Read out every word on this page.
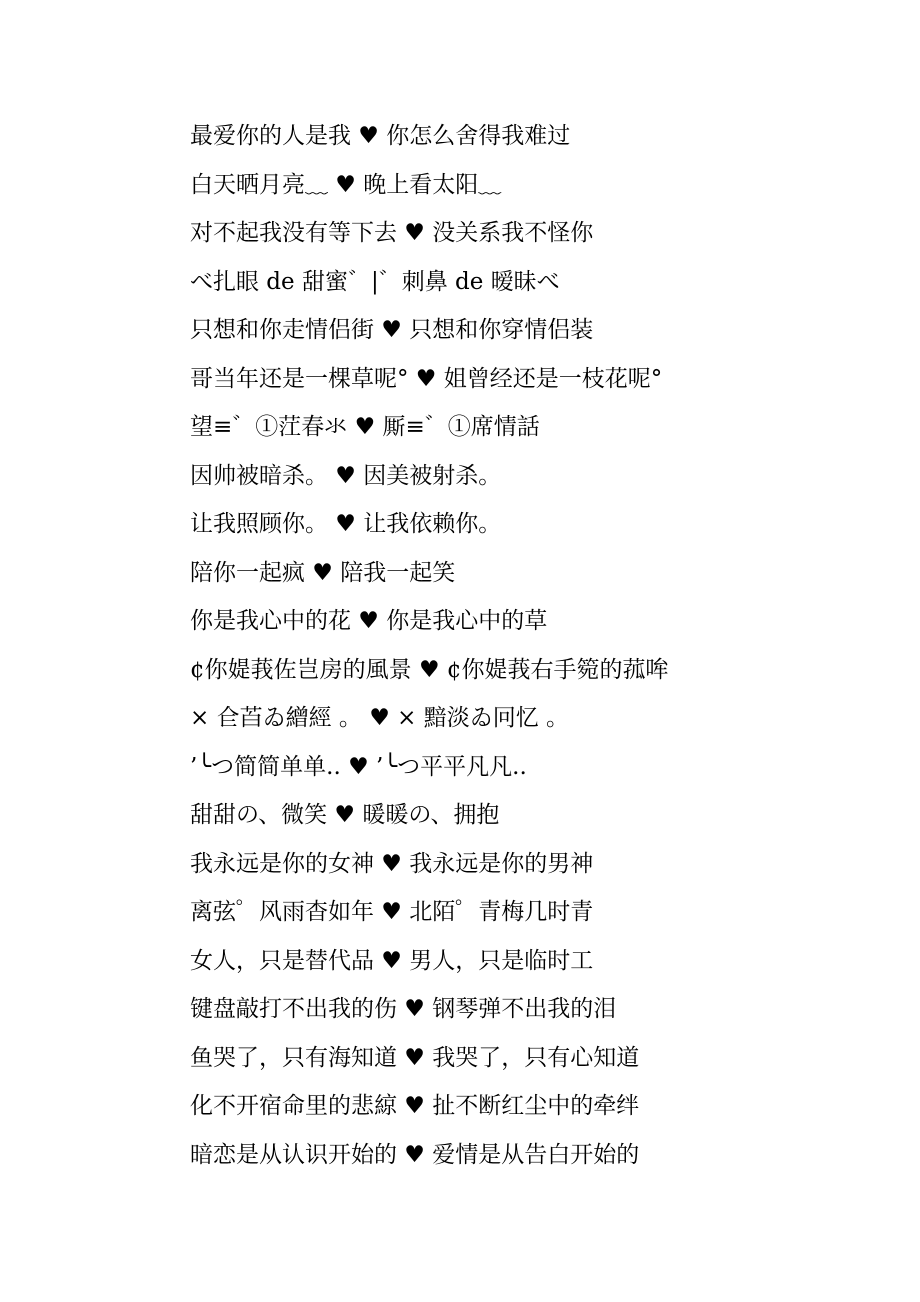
最爱你的人是我 ♥ 你怎么舍得我难过
白天晒月亮﹏ ♥ 晚上看太阳﹏
对不起我没有等下去 ♥ 没关系我不怪你
べ扎眼 de 甜蜜゛|゛刺鼻 de 暧昧べ
只想和你走情侣街 ♥ 只想和你穿情侣装
哥当年还是一棵草呢° ♥ 姐曾经还是一枝花呢°
望≡゛①茳春氺 ♥ 厮≡゛①席情話
因帅被暗杀。 ♥ 因美被射杀。
让我照顾你。 ♥ 让我依赖你。
陪你一起疯 ♥ 陪我一起笑
你是我心中的花 ♥ 你是我心中的草
¢你媞莪佐岂房的風景 ♥ ¢你媞莪右手箢的菰哞
× 仺苩ゐ繒經 。 ♥ × 黯淡ゐ冋忆 。
’╰つ简简单单.. ♥ ’╰つ平平凡凡..
甜甜の、微笑 ♥ 暖暖の、拥抱
我永远是你的女神 ♥ 我永远是你的男神
离弦゜风雨杳如年 ♥ 北陌゜青梅几时青
女人，只是替代品 ♥ 男人，只是临时工
键盘敲打不出我的伤 ♥ 钢琴弹不出我的泪
鱼哭了，只有海知道 ♥ 我哭了，只有心知道
化不开宿命里的悲綡 ♥ 扯不断红尘中的牵绊
暗恋是从认识开始的 ♥ 爱情是从告白开始的
